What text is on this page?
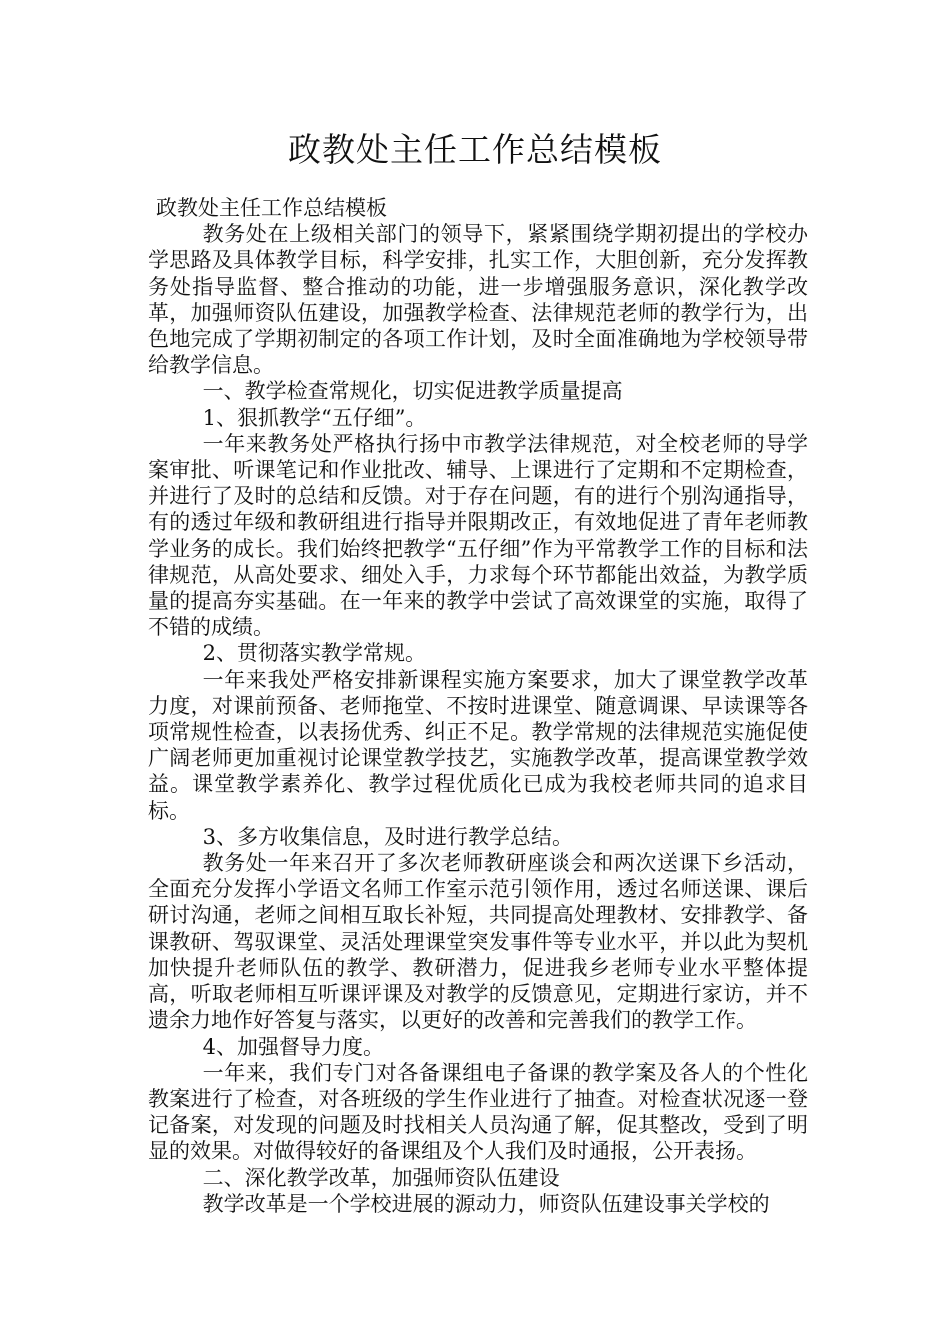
政教处主任工作总结模板

政教处主任工作总结模板

教务处在上级相关部门的领导下，紧紧围绕学期初提出的学校办学思路及具体教学目标，科学安排，扎实工作，大胆创新，充分发挥教务处指导监督、整合推动的功能，进一步增强服务意识，深化教学改革，加强师资队伍建设，加强教学检查、法律规范老师的教学行为，出色地完成了学期初制定的各项工作计划，及时全面准确地为学校领导带给教学信息。

一、教学检查常规化，切实促进教学质量提高

1、狠抓教学“五仔细”。

一年来教务处严格执行扬中市教学法律规范，对全校老师的导学案审批、听课笔记和作业批改、辅导、上课进行了定期和不定期检查，并进行了及时的总结和反馈。对于存在问题，有的进行个别沟通指导，有的透过年级和教研组进行指导并限期改正，有效地促进了青年老师教学业务的成长。我们始终把教学“五仔细”作为平常教学工作的目标和法律规范，从高处要求、细处入手，力求每个环节都能出效益，为教学质量的提高夯实基础。在一年来的教学中尝试了高效课堂的实施，取得了不错的成绩。

2、贯彻落实教学常规。

一年来我处严格安排新课程实施方案要求，加大了课堂教学改革力度，对课前预备、老师拖堂、不按时进课堂、随意调课、早读课等各项常规性检查，以表扬优秀、纠正不足。教学常规的法律规范实施促使广阔老师更加重视讨论课堂教学技艺，实施教学改革，提高课堂教学效益。课堂教学素养化、教学过程优质化已成为我校老师共同的追求目标。

3、多方收集信息，及时进行教学总结。

教务处一年来召开了多次老师教研座谈会和两次送课下乡活动，全面充分发挥小学语文名师工作室示范引领作用，透过名师送课、课后研讨沟通，老师之间相互取长补短，共同提高处理教材、安排教学、备课教研、驾驭课堂、灵活处理课堂突发事件等专业水平，并以此为契机加快提升老师队伍的教学、教研潜力，促进我乡老师专业水平整体提高，听取老师相互听课评课及对教学的反馈意见，定期进行家访，并不遗余力地作好答复与落实，以更好的改善和完善我们的教学工作。

4、加强督导力度。

一年来，我们专门对各备课组电子备课的教学案及各人的个性化教案进行了检查，对各班级的学生作业进行了抽查。对检查状况逐一登记备案，对发现的问题及时找相关人员沟通了解，促其整改，受到了明显的效果。对做得较好的备课组及个人我们及时通报，公开表扬。

二、深化教学改革，加强师资队伍建设

教学改革是一个学校进展的源动力，师资队伍建设事关学校的
